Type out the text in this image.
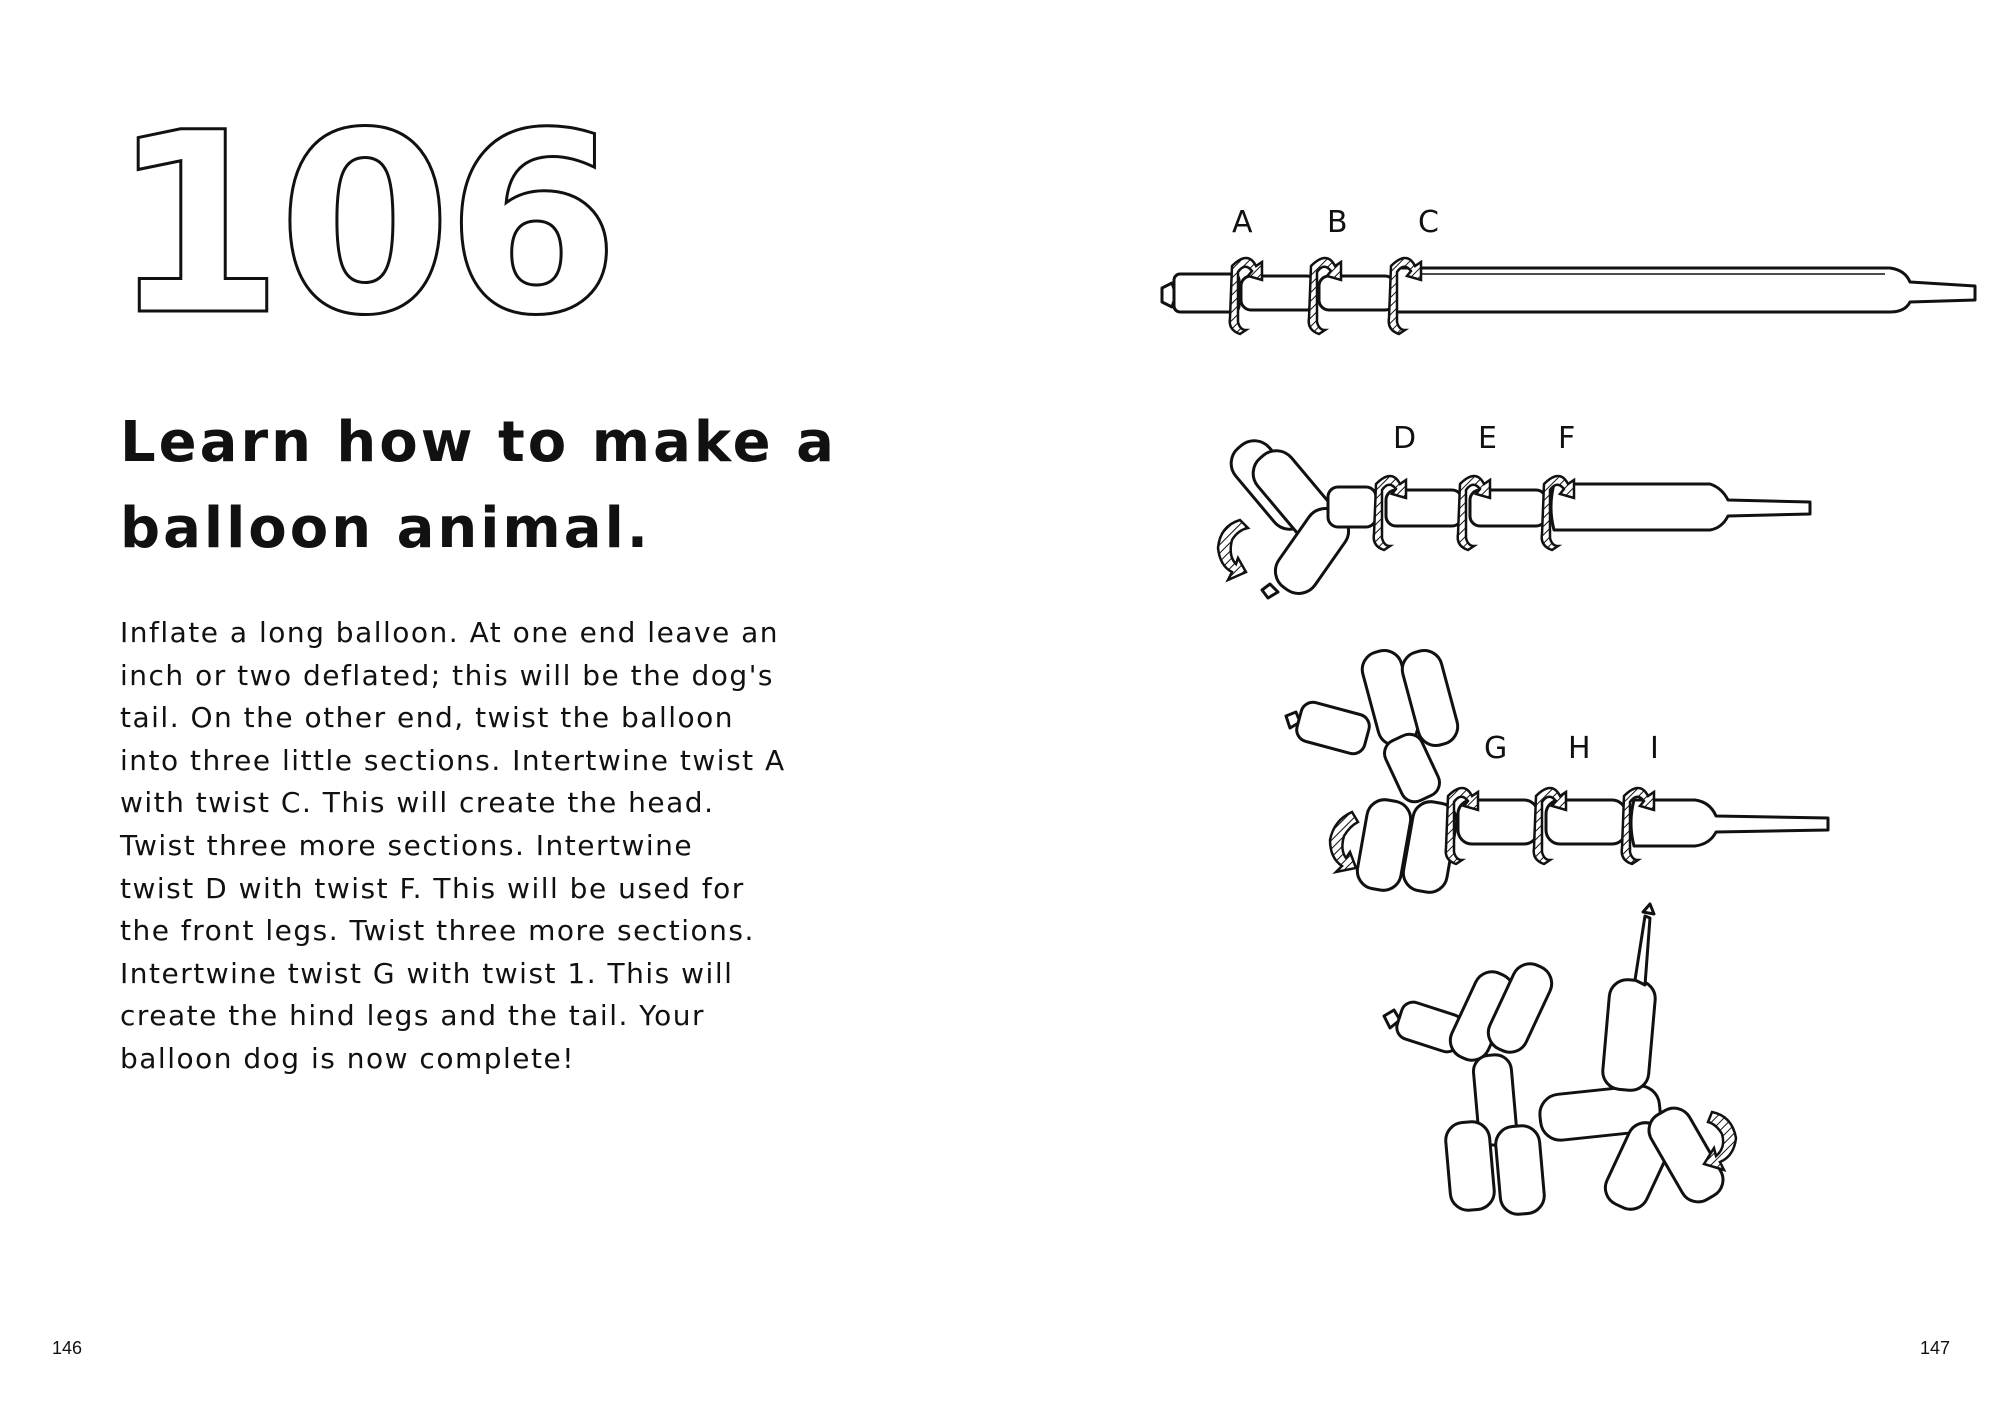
106
Learn how to make a balloon animal.
Inflate a long balloon. At one end leave an
inch or two deflated; this will be the dog's
tail. On the other end, twist the balloon
into three little sections. Intertwine twist A
with twist C. This will create the head.
Twist three more sections. Intertwine
twist D with twist F. This will be used for
the front legs. Twist three more sections.
Intertwine twist G with twist 1. This will
create the hind legs and the tail. Your
balloon dog is now complete!
146
A B C
D E F
G H I
147
